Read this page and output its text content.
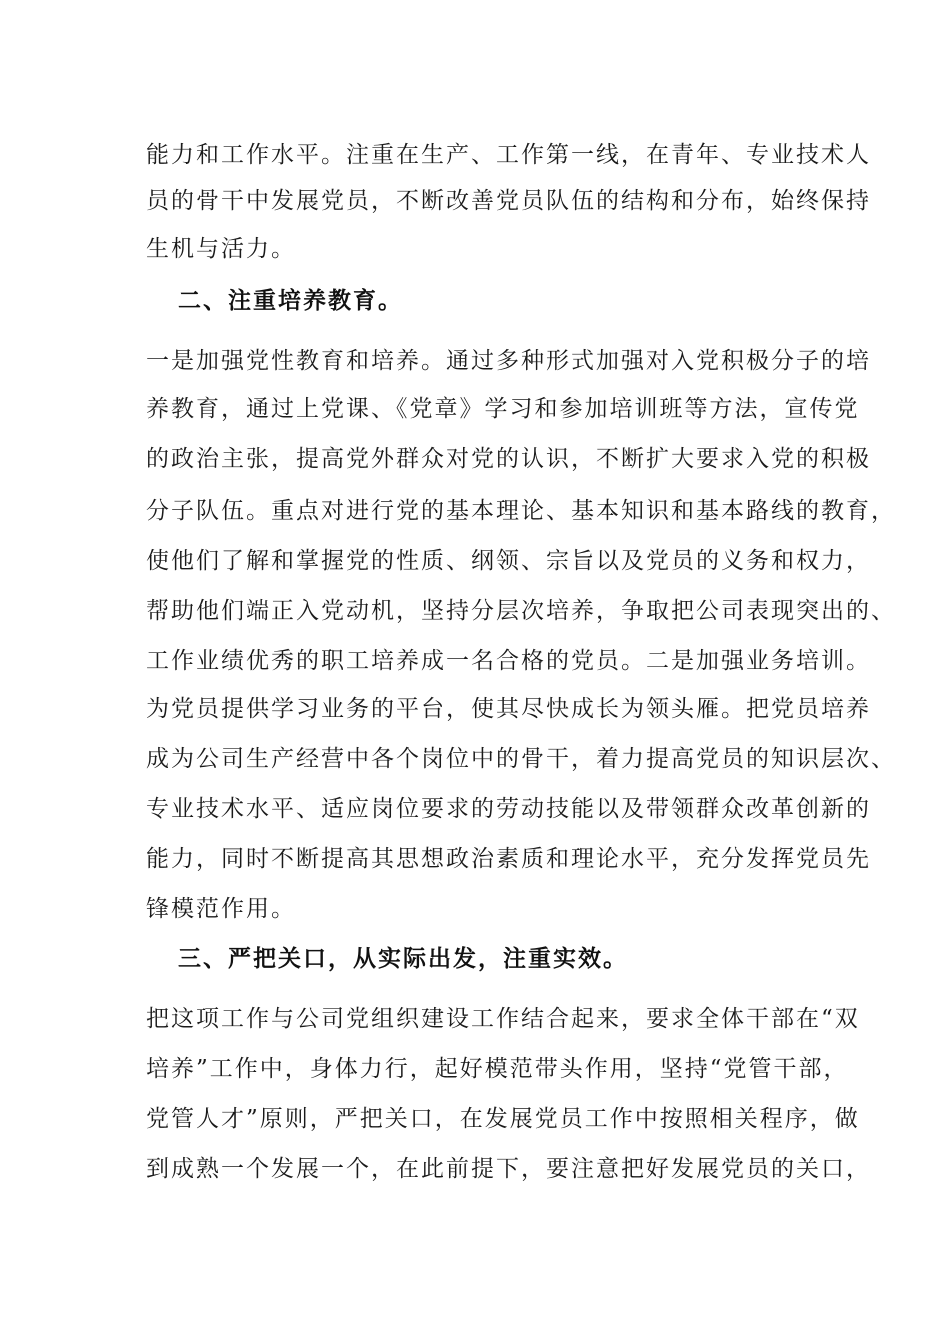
能力和工作水平。注重在生产、工作第一线，在青年、专业技术人
员的骨干中发展党员，不断改善党员队伍的结构和分布，始终保持
生机与活力。
二、注重培养教育。
一是加强党性教育和培养。通过多种形式加强对入党积极分子的培
养教育，通过上党课、《党章》学习和参加培训班等方法，宣传党
的政治主张，提高党外群众对党的认识，不断扩大要求入党的积极
分子队伍。重点对进行党的基本理论、基本知识和基本路线的教育，
使他们了解和掌握党的性质、纲领、宗旨以及党员的义务和权力，
帮助他们端正入党动机，坚持分层次培养，争取把公司表现突出的、
工作业绩优秀的职工培养成一名合格的党员。二是加强业务培训。
为党员提供学习业务的平台，使其尽快成长为领头雁。把党员培养
成为公司生产经营中各个岗位中的骨干，着力提高党员的知识层次、
专业技术水平、适应岗位要求的劳动技能以及带领群众改革创新的
能力，同时不断提高其思想政治素质和理论水平，充分发挥党员先
锋模范作用。
三、严把关口，从实际出发，注重实效。
把这项工作与公司党组织建设工作结合起来，要求全体干部在“双
培养”工作中，身体力行，起好模范带头作用，坚持“党管干部，
党管人才”原则，严把关口，在发展党员工作中按照相关程序，做
到成熟一个发展一个，在此前提下，要注意把好发展党员的关口，
